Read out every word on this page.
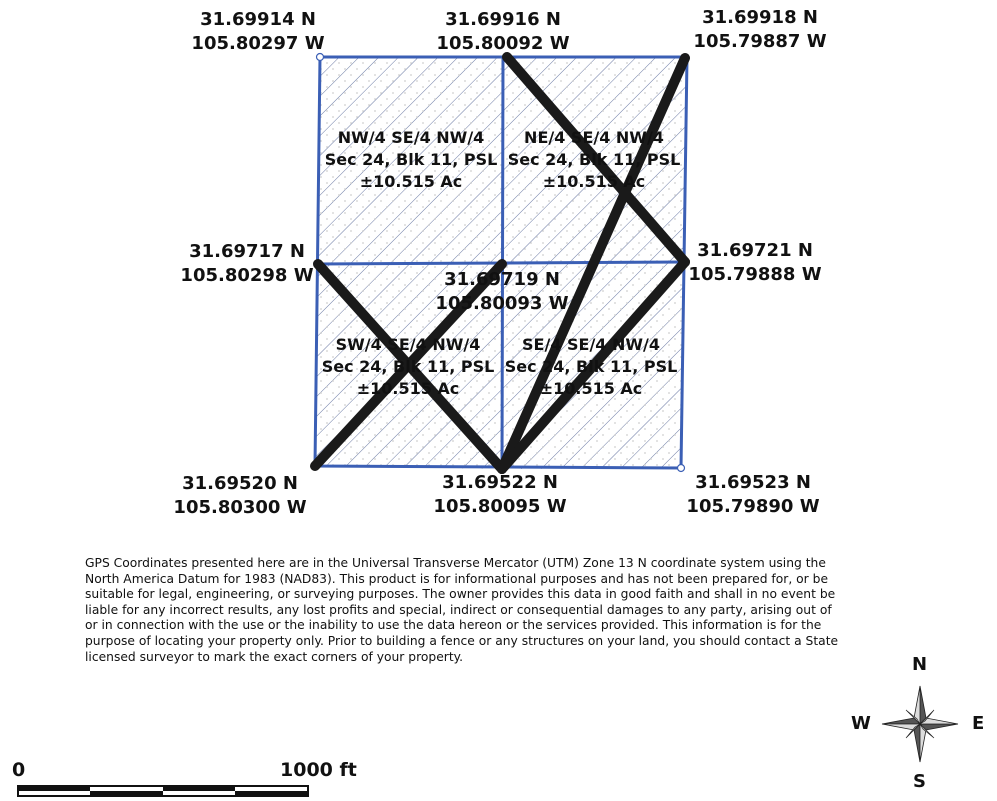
31.69914 N
105.80297 W
31.69916 N
105.80092 W
31.69918 N
105.79887 W
31.69717 N
105.80298 W	31.69719 N
105.80093 W
31.69721 N
105.79888 W
31.69520 N
105.80300 W
31.69522 N
105.80095 W
31.69523 N
105.79890 W
NW/4 SE/4 NW/4
Sec 24, Blk 11, PSL
±10.515 Ac
NE/4 SE/4 NW/4
Sec 24, Blk 11, PSL
±10.515 Ac
SW/4 SE/4 NW/4
Sec 24, Blk 11, PSL
±10.515 Ac
SE/4 SE/4 NW/4
Sec 24, Blk 11, PSL
±10.515 Ac
GPS Coordinates presented here are in the Universal Transverse Mercator (UTM) Zone 13 N coordinate system using the North America Datum for 1983 (NAD83). This product is for informational purposes and has not been prepared for, or be suitable for legal, engineering, or surveying purposes. The owner provides this data in good faith and shall in no event be liable for any incorrect results, any lost profits and special, indirect or consequential damages to any party, arising out of or in connection with the use or the inability to use the data hereon or the services provided. This information is for the purpose of locating your property only. Prior to building a fence or any structures on your land, you should contact a State licensed surveyor to mark the exact corners of your property.	N
S
W	E
0	1000 ft
